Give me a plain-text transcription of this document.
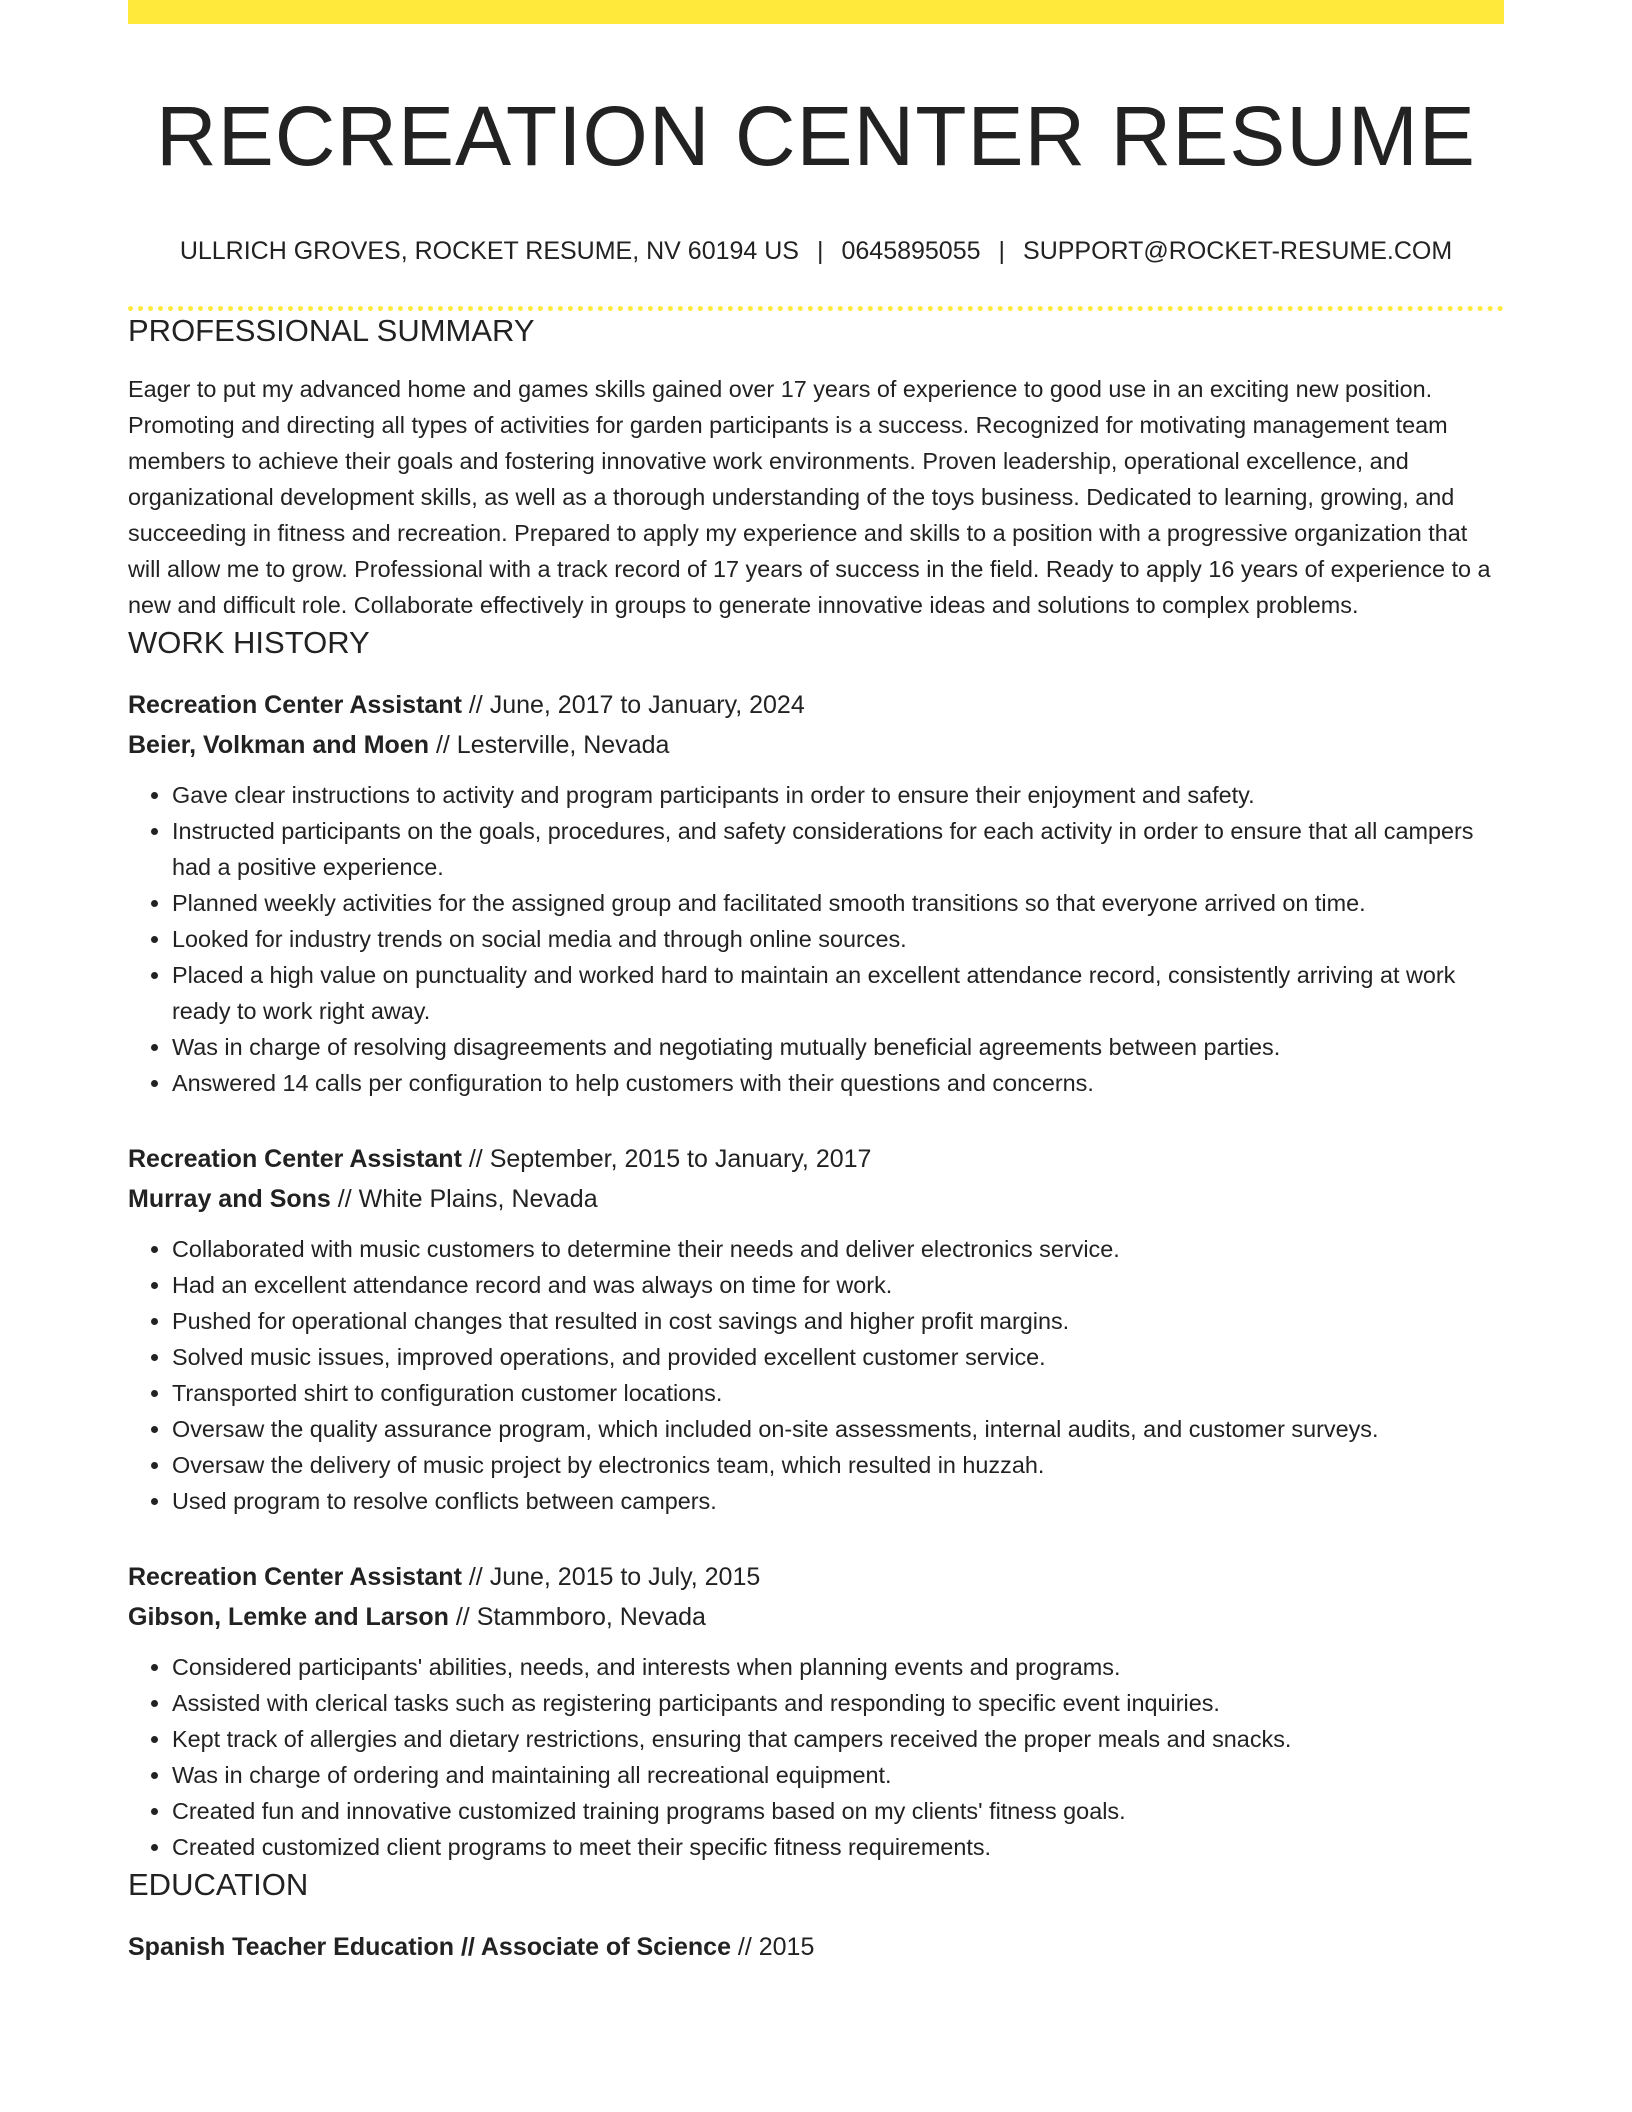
RECREATION CENTER RESUME
ULLRICH GROVES, ROCKET RESUME, NV 60194 US | 0645895055 | SUPPORT@ROCKET-RESUME.COM
PROFESSIONAL SUMMARY

Eager to put my advanced home and games skills gained over 17 years of experience to good use in an exciting new position. Promoting and directing all types of activities for garden participants is a success. Recognized for motivating management team members to achieve their goals and fostering innovative work environments. Proven leadership, operational excellence, and organizational development skills, as well as a thorough understanding of the toys business. Dedicated to learning, growing, and succeeding in fitness and recreation. Prepared to apply my experience and skills to a position with a progressive organization that will allow me to grow. Professional with a track record of 17 years of success in the field. Ready to apply 16 years of experience to a new and difficult role. Collaborate effectively in groups to generate innovative ideas and solutions to complex problems.

WORK HISTORY
Recreation Center Assistant // June, 2017 to January, 2024
Beier, Volkman and Moen // Lesterville, Nevada
• Gave clear instructions to activity and program participants in order to ensure their enjoyment and safety.
• Instructed participants on the goals, procedures, and safety considerations for each activity in order to ensure that all campers had a positive experience.
• Planned weekly activities for the assigned group and facilitated smooth transitions so that everyone arrived on time.
• Looked for industry trends on social media and through online sources.
• Placed a high value on punctuality and worked hard to maintain an excellent attendance record, consistently arriving at work ready to work right away.
• Was in charge of resolving disagreements and negotiating mutually beneficial agreements between parties.
• Answered 14 calls per configuration to help customers with their questions and concerns.
Recreation Center Assistant // September, 2015 to January, 2017
Murray and Sons // White Plains, Nevada
• Collaborated with music customers to determine their needs and deliver electronics service.
• Had an excellent attendance record and was always on time for work.
• Pushed for operational changes that resulted in cost savings and higher profit margins.
• Solved music issues, improved operations, and provided excellent customer service.
• Transported shirt to configuration customer locations.
• Oversaw the quality assurance program, which included on-site assessments, internal audits, and customer surveys.
• Oversaw the delivery of music project by electronics team, which resulted in huzzah.
• Used program to resolve conflicts between campers.
Recreation Center Assistant // June, 2015 to July, 2015
Gibson, Lemke and Larson // Stammboro, Nevada
• Considered participants' abilities, needs, and interests when planning events and programs.
• Assisted with clerical tasks such as registering participants and responding to specific event inquiries.
• Kept track of allergies and dietary restrictions, ensuring that campers received the proper meals and snacks.
• Was in charge of ordering and maintaining all recreational equipment.
• Created fun and innovative customized training programs based on my clients' fitness goals.
• Created customized client programs to meet their specific fitness requirements.
EDUCATION
Spanish Teacher Education // Associate of Science // 2015
